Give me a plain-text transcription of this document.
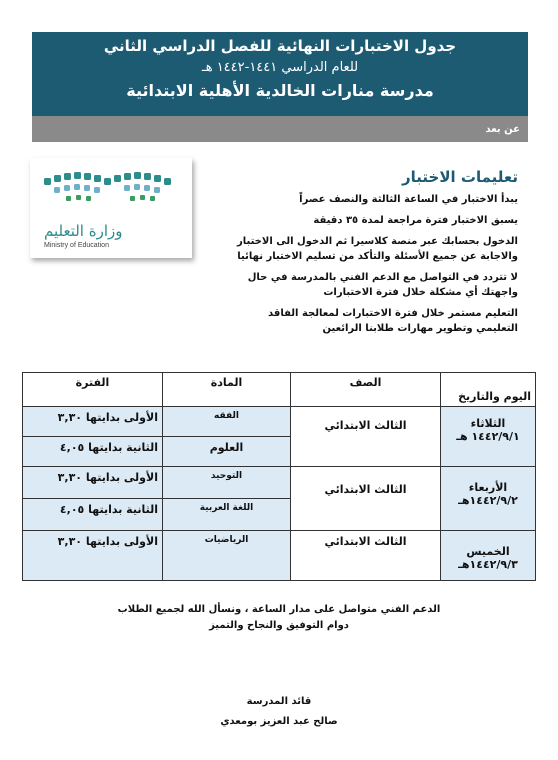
جدول الاختبارات النهائية للفصل الدراسي الثاني
للعام الدراسي ١٤٤١-١٤٤٢ هـ
مدرسة منارات الخالدية الأهلية الابتدائية
عن بعد
وزارة التعليم
Ministry of Education
تعليمات الاختبار
يبدأ الاختبار في الساعة الثالثة والنصف عصراً
يسبق الاختبار فترة مراجعة لمدة ٣٥ دقيقة
الدخول بحسابك عبر منصة كلاسيرا ثم الدخول الى الاختبار والاجابة عن جميع الأسئلة والتأكد من تسليم الاختبار نهائيا
لا تتردد في التواصل مع الدعم الفني بالمدرسة في حال واجهتك أي مشكلة خلال فترة الاختبارات
التعليم مستمر خلال فترة الاختبارات لمعالجة الفاقد التعليمي وتطوير مهارات طلابنا الرائعين
اليوم والتاريخ	الصف	المادة	الفترة

الثلاثاء
١٤٤٢/٩/١ هـ	الثالث الابتدائي	الفقه	الأولى بدايتها ٣,٣٠
		العلوم	الثانية بدايتها ٤,٠٥

الأربعاء
١٤٤٢/٩/٢هـ	الثالث الابتدائي	التوحيد	الأولى بدايتها ٣,٣٠
		اللغة العربية	الثانية بدايتها ٤,٠٥

الخميس
١٤٤٢/٩/٣هـ	الثالث الابتدائي	الرياضيات	الأولى بدايتها ٣,٣٠
الدعم الفني متواصل على مدار الساعة ، ونسأل الله لجميع الطلاب
دوام التوفيق والنجاح والتميز
قائد المدرسة
صالح عبد العزيز بومعدي
